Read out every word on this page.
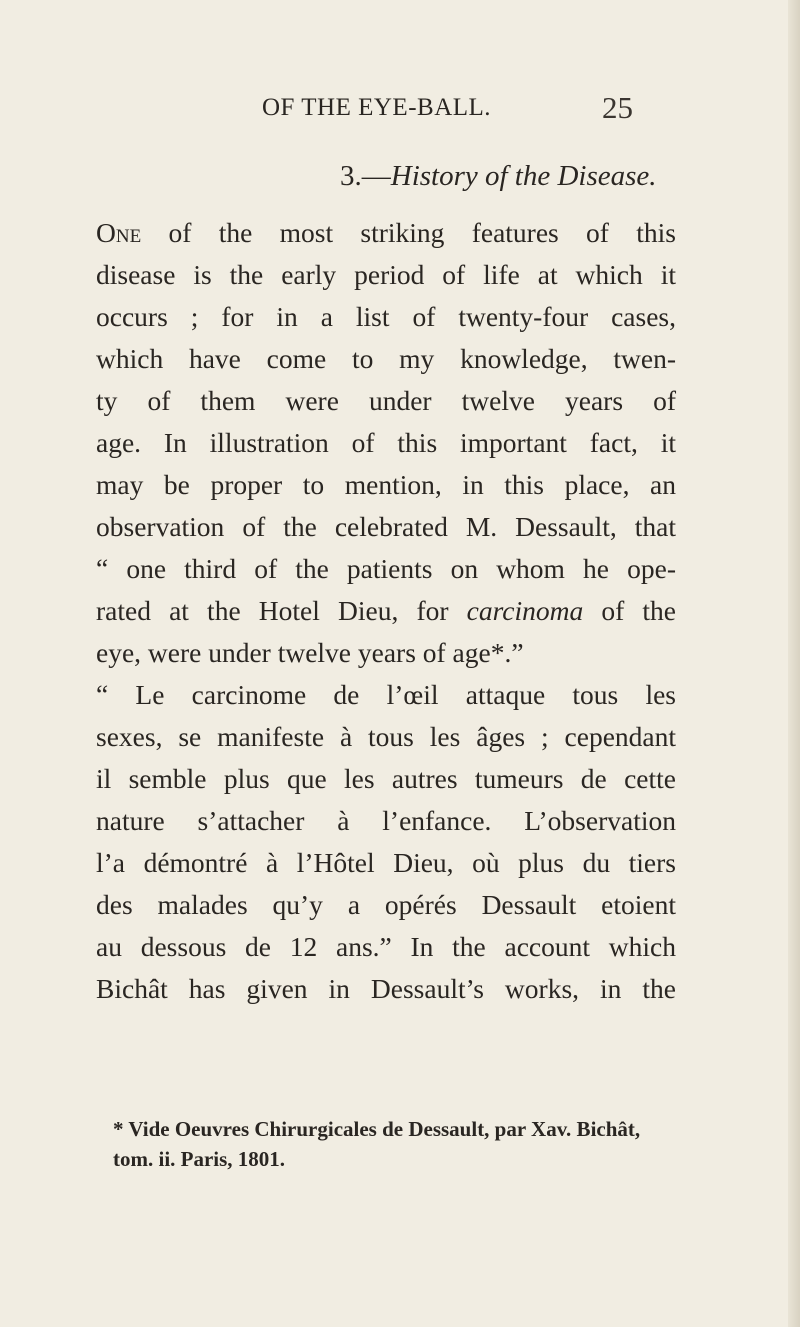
OF THE EYE-BALL.	25
3.—History of the Disease.
One of the most striking features of this
disease is the early period of life at which it
occurs ; for in a list of twenty-four cases,
which have come to my knowledge, twen-
ty of them were under twelve years of
age. In illustration of this important fact, it
may be proper to mention, in this place, an
observation of the celebrated M. Dessault, that
“ one third of the patients on whom he ope-
rated at the Hotel Dieu, for carcinoma of the
eye, were under twelve years of age*.”
“ Le carcinome de l’œil attaque tous les
sexes, se manifeste à tous les âges ; cependant
il semble plus que les autres tumeurs de cette
nature s’attacher à l’enfance. L’observation
l’a démontré à l’Hôtel Dieu, où plus du tiers
des malades qu’y a opérés Dessault etoient
au dessous de 12 ans.” In the account which
Bichât has given in Dessault’s works, in the
* Vide Oeuvres Chirurgicales de Dessault, par Xav. Bichât,
tom. ii. Paris, 1801.
